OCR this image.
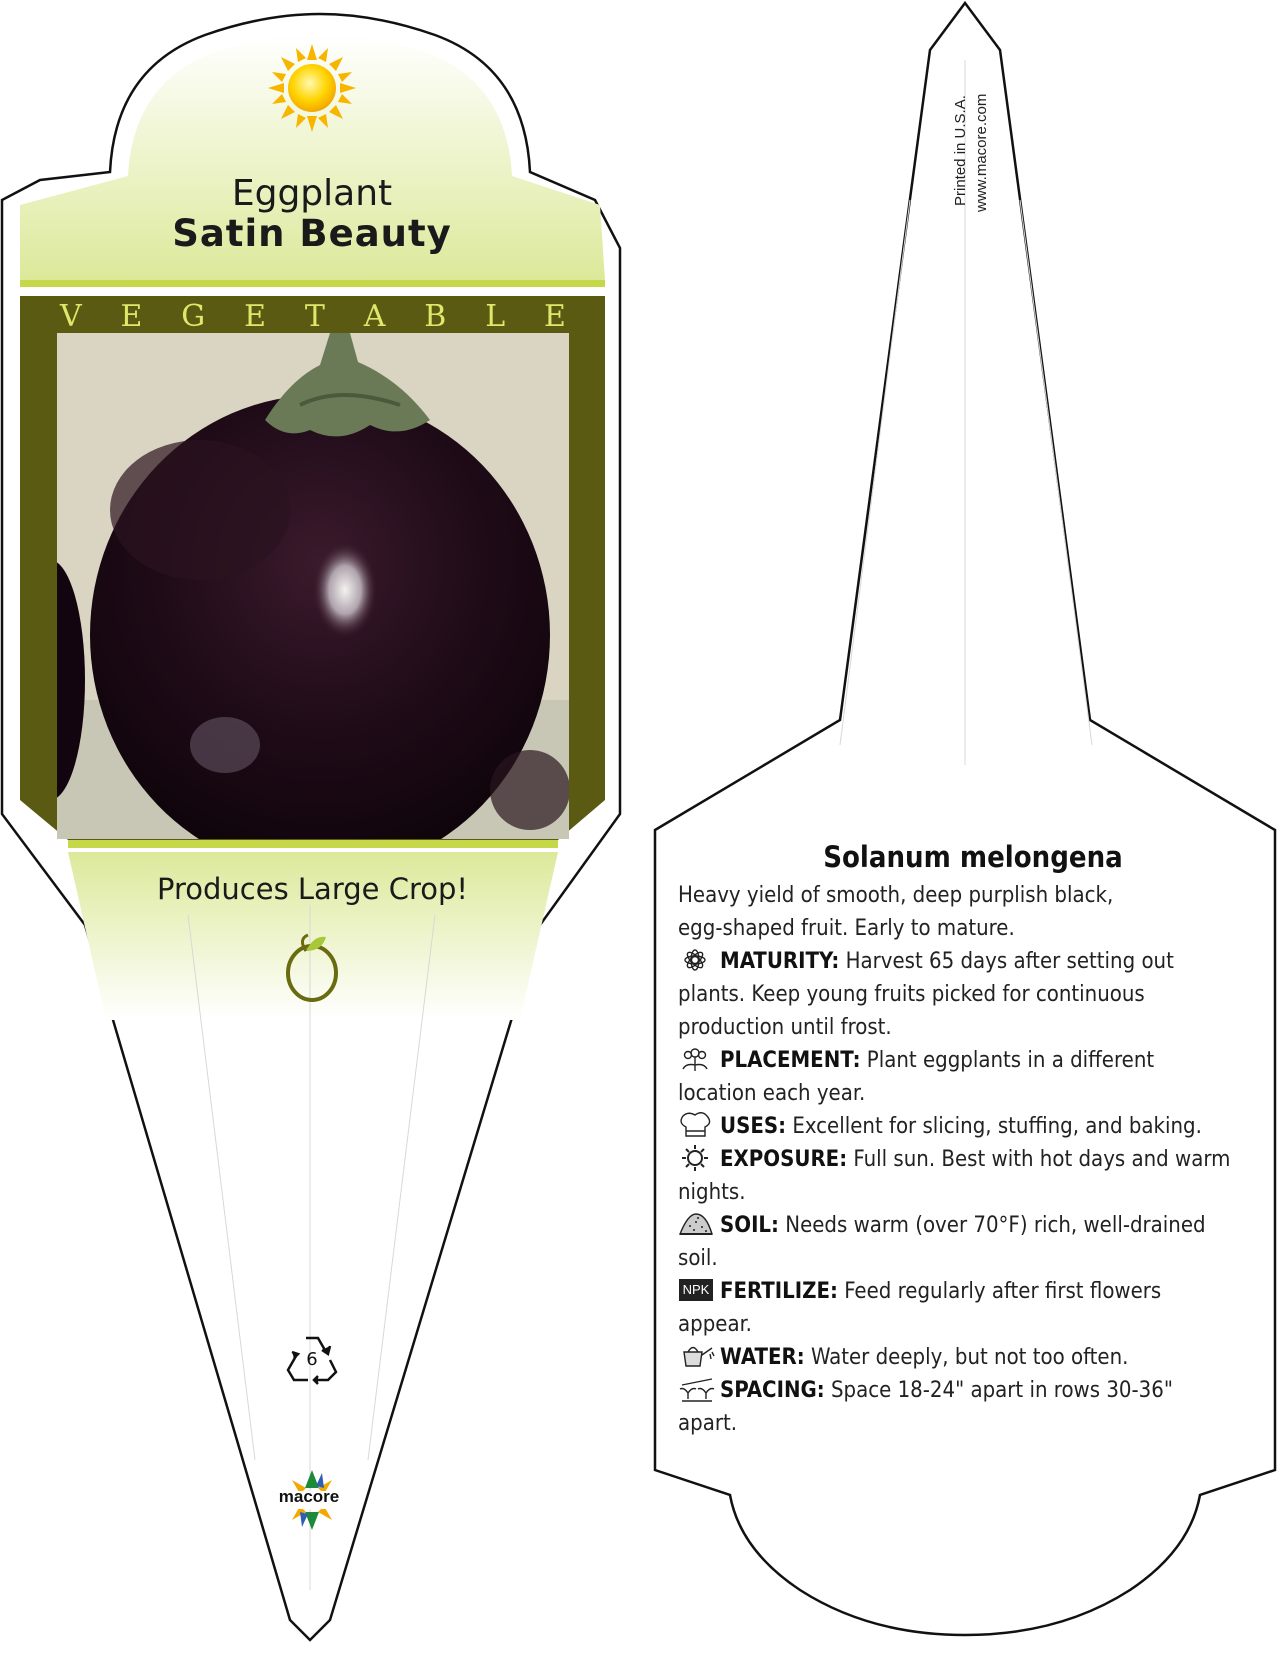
Eggplant
Satin Beauty
V E G E T A B L E
Produces Large Crop!
6
macore
Printed in U.S.A. www.macore.com
Solanum melongena
Heavy yield of smooth, deep purplish black,
egg-shaped fruit. Early to mature.
MATURITY: Harvest 65 days after setting out
plants. Keep young fruits picked for continuous
production until frost.
PLACEMENT: Plant eggplants in a different
location each year.
USES: Excellent for slicing, stuffing, and baking.
EXPOSURE: Full sun. Best with hot days and warm
nights.
SOIL: Needs warm (over 70°F) rich, well-drained
soil.
NPK FERTILIZE: Feed regularly after first flowers
appear.
WATER: Water deeply, but not too often.
SPACING: Space 18-24" apart in rows 30-36"
apart.
